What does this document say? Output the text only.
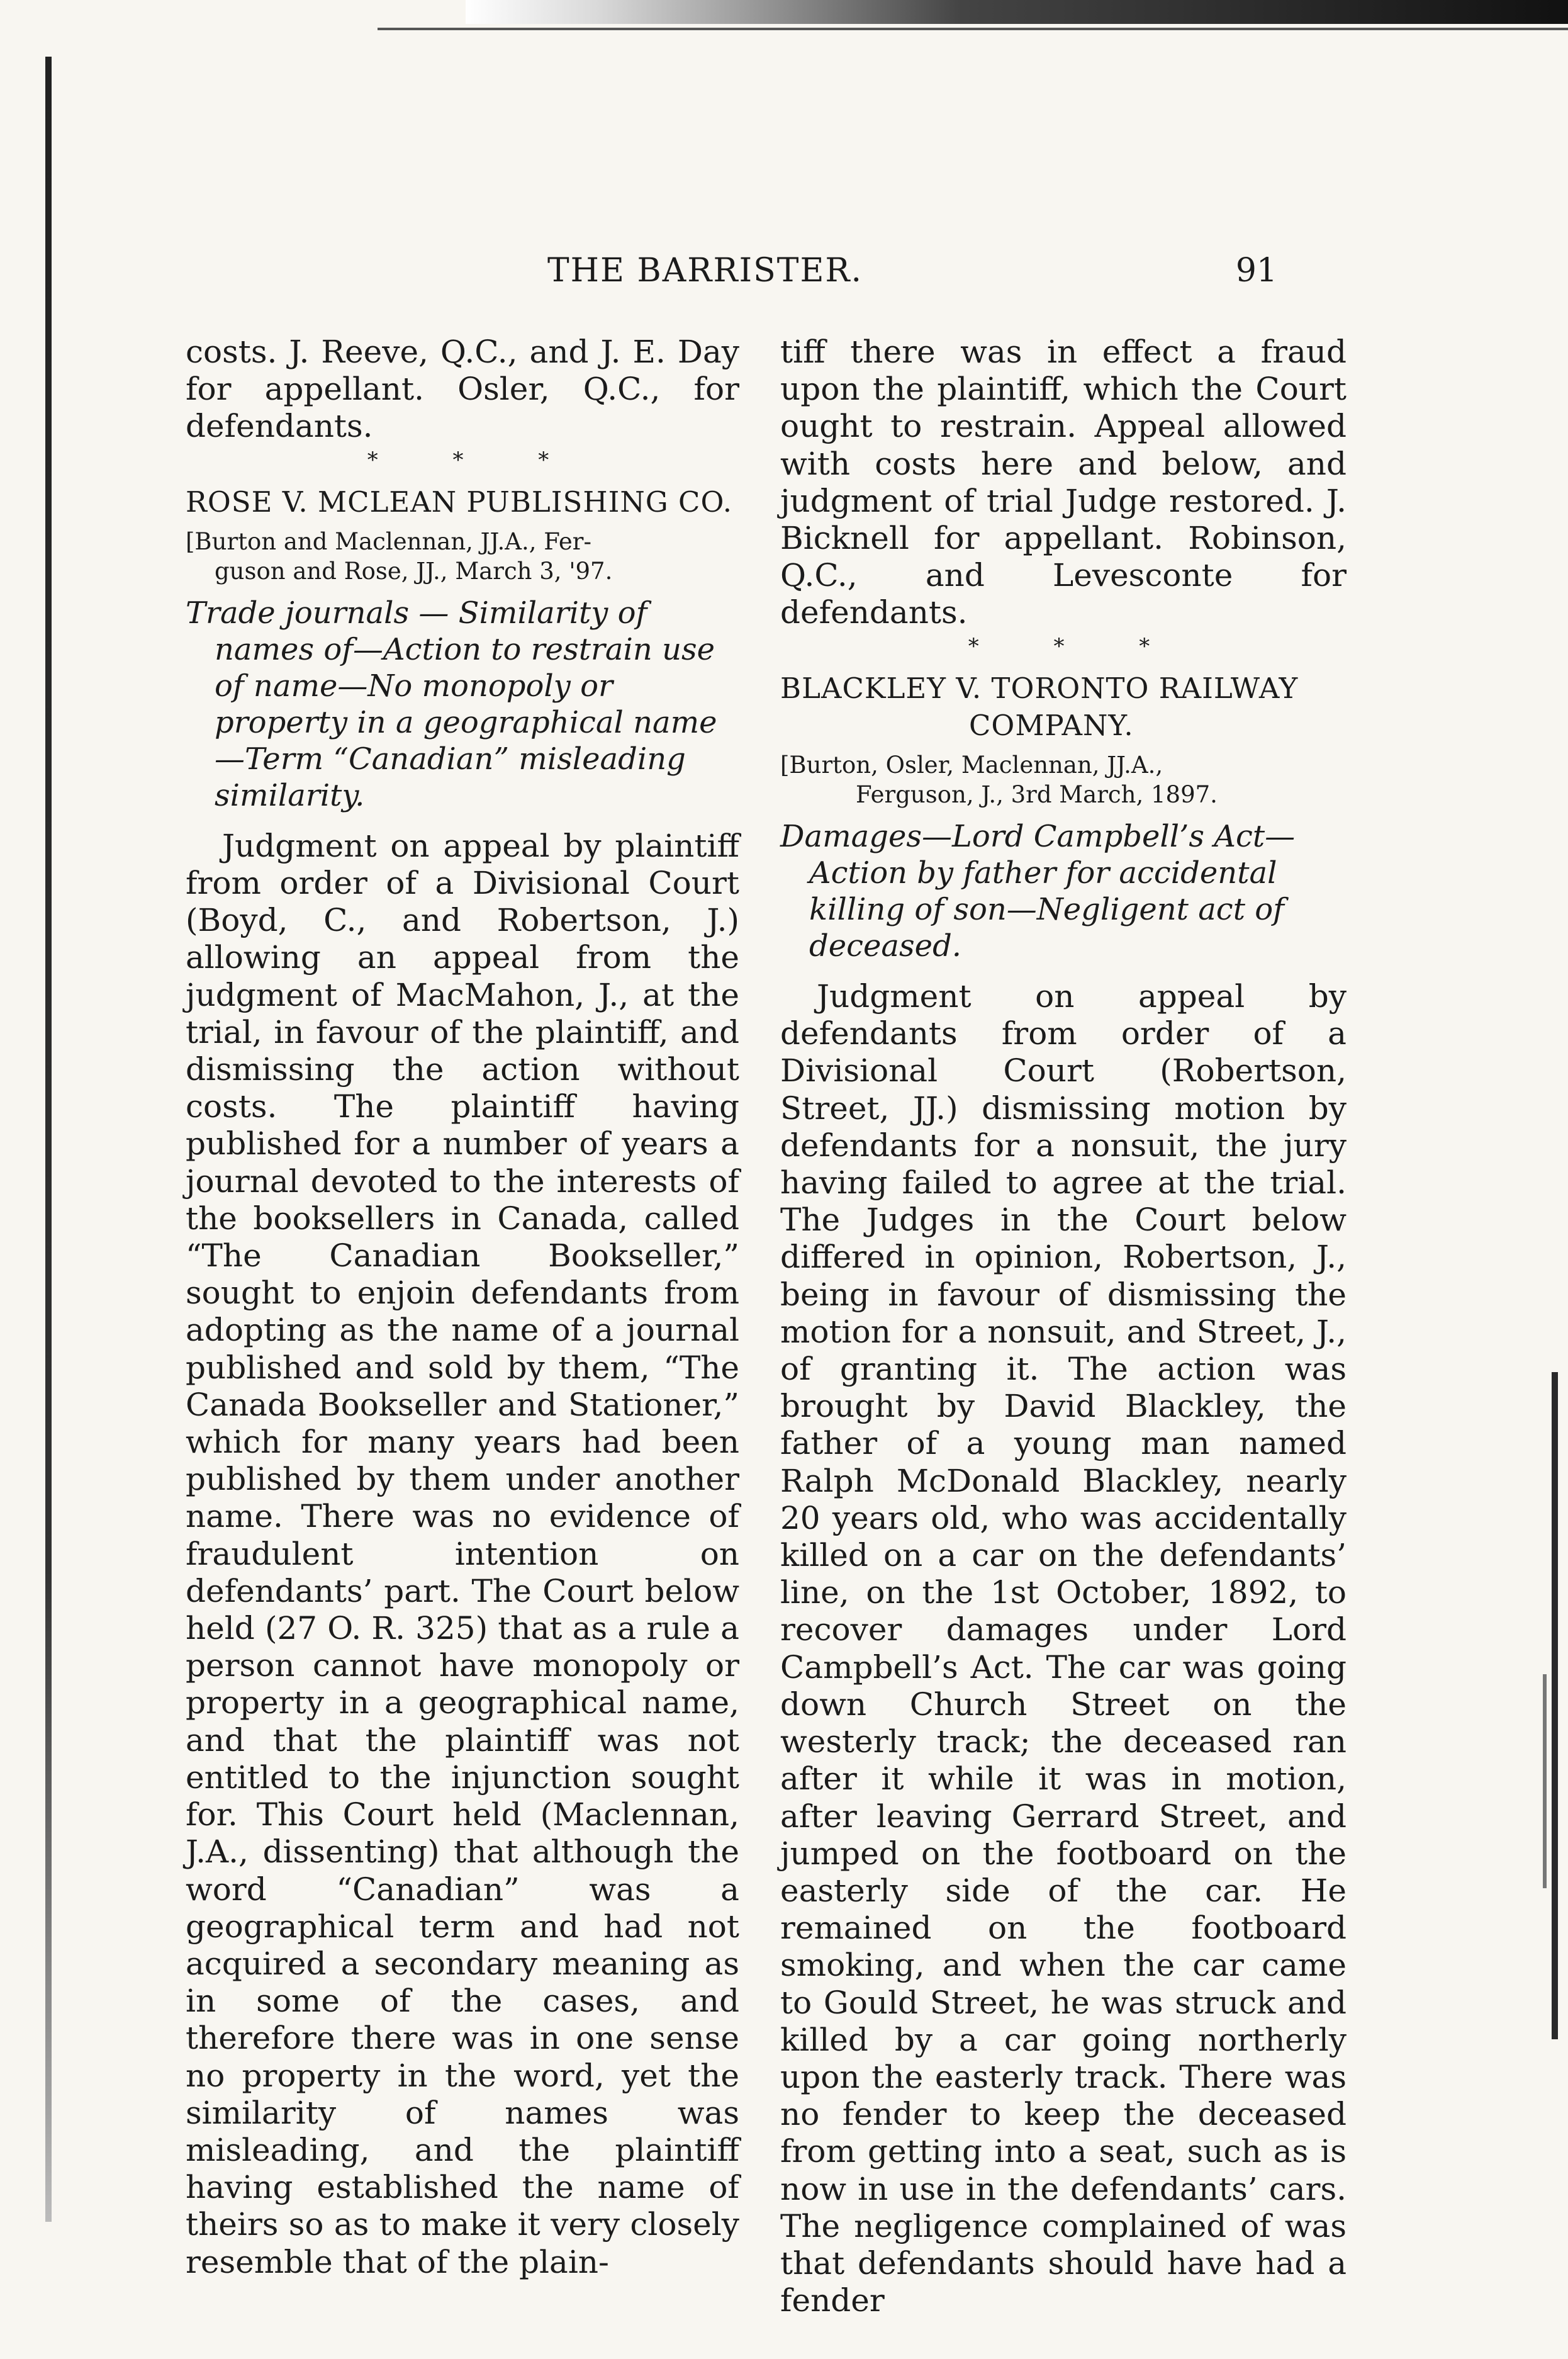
THE BARRISTER.	91

costs. J. Reeve, Q.C., and J. E. Day for appellant. Osler, Q.C., for defendants.

* * *
ROSE V. MCLEAN PUBLISHING CO.
[Burton and Maclennan, JJ.A., Fer-
guson and Rose, JJ., March 3, '97.
Trade journals — Similarity of
names of—Action to restrain use of name—No monopoly or property in a geographical name —Term “Canadian” misleading similarity.

Judgment on appeal by plaintiff from order of a Divisional Court (Boyd, C., and Robertson, J.) allowing an appeal from the judgment of MacMahon, J., at the trial, in favour of the plaintiff, and dismissing the action without costs. The plaintiff having published for a number of years a journal devoted to the interests of the booksellers in Canada, called “The Canadian Bookseller,” sought to enjoin defendants from adopting as the name of a journal published and sold by them, “The Canada Bookseller and Stationer,” which for many years had been published by them under another name. There was no evidence of fraudulent intention on defendants’ part. The Court below held (27 O. R. 325) that as a rule a person cannot have monopoly or property in a geographical name, and that the plaintiff was not entitled to the injunction sought for. This Court held (Maclennan, J.A., dissenting) that although the word “Canadian” was a geographical term and had not acquired a secondary meaning as in some of the cases, and therefore there was in one sense no property in the word, yet the similarity of names was misleading, and the plaintiff having established the name of theirs so as to make it very closely resemble that of the plain-

tiff there was in effect a fraud upon the plaintiff, which the Court ought to restrain. Appeal allowed with costs here and below, and judgment of trial Judge restored. J. Bicknell for appellant. Robinson, Q.C., and Levesconte for defendants.

* * *
BLACKLEY V. TORONTO RAILWAY
COMPANY.
[Burton, Osler, Maclennan, JJ.A.,
Ferguson, J., 3rd March, 1897.
Damages—Lord Campbell’s Act—
Action by father for accidental killing of son—Negligent act of deceased.

Judgment on appeal by defendants from order of a Divisional Court (Robertson, Street, JJ.) dismissing motion by defendants for a nonsuit, the jury having failed to agree at the trial. The Judges in the Court below differed in opinion, Robertson, J., being in favour of dismissing the motion for a nonsuit, and Street, J., of granting it. The action was brought by David Blackley, the father of a young man named Ralph McDonald Blackley, nearly 20 years old, who was accidentally killed on a car on the defendants’ line, on the 1st October, 1892, to recover damages under Lord Campbell’s Act. The car was going down Church Street on the westerly track; the deceased ran after it while it was in motion, after leaving Gerrard Street, and jumped on the footboard on the easterly side of the car. He remained on the footboard smoking, and when the car came to Gould Street, he was struck and killed by a car going northerly upon the easterly track. There was no fender to keep the deceased from getting into a seat, such as is now in use in the defendants’ cars. The negligence complained of was that defendants should have had a fender
